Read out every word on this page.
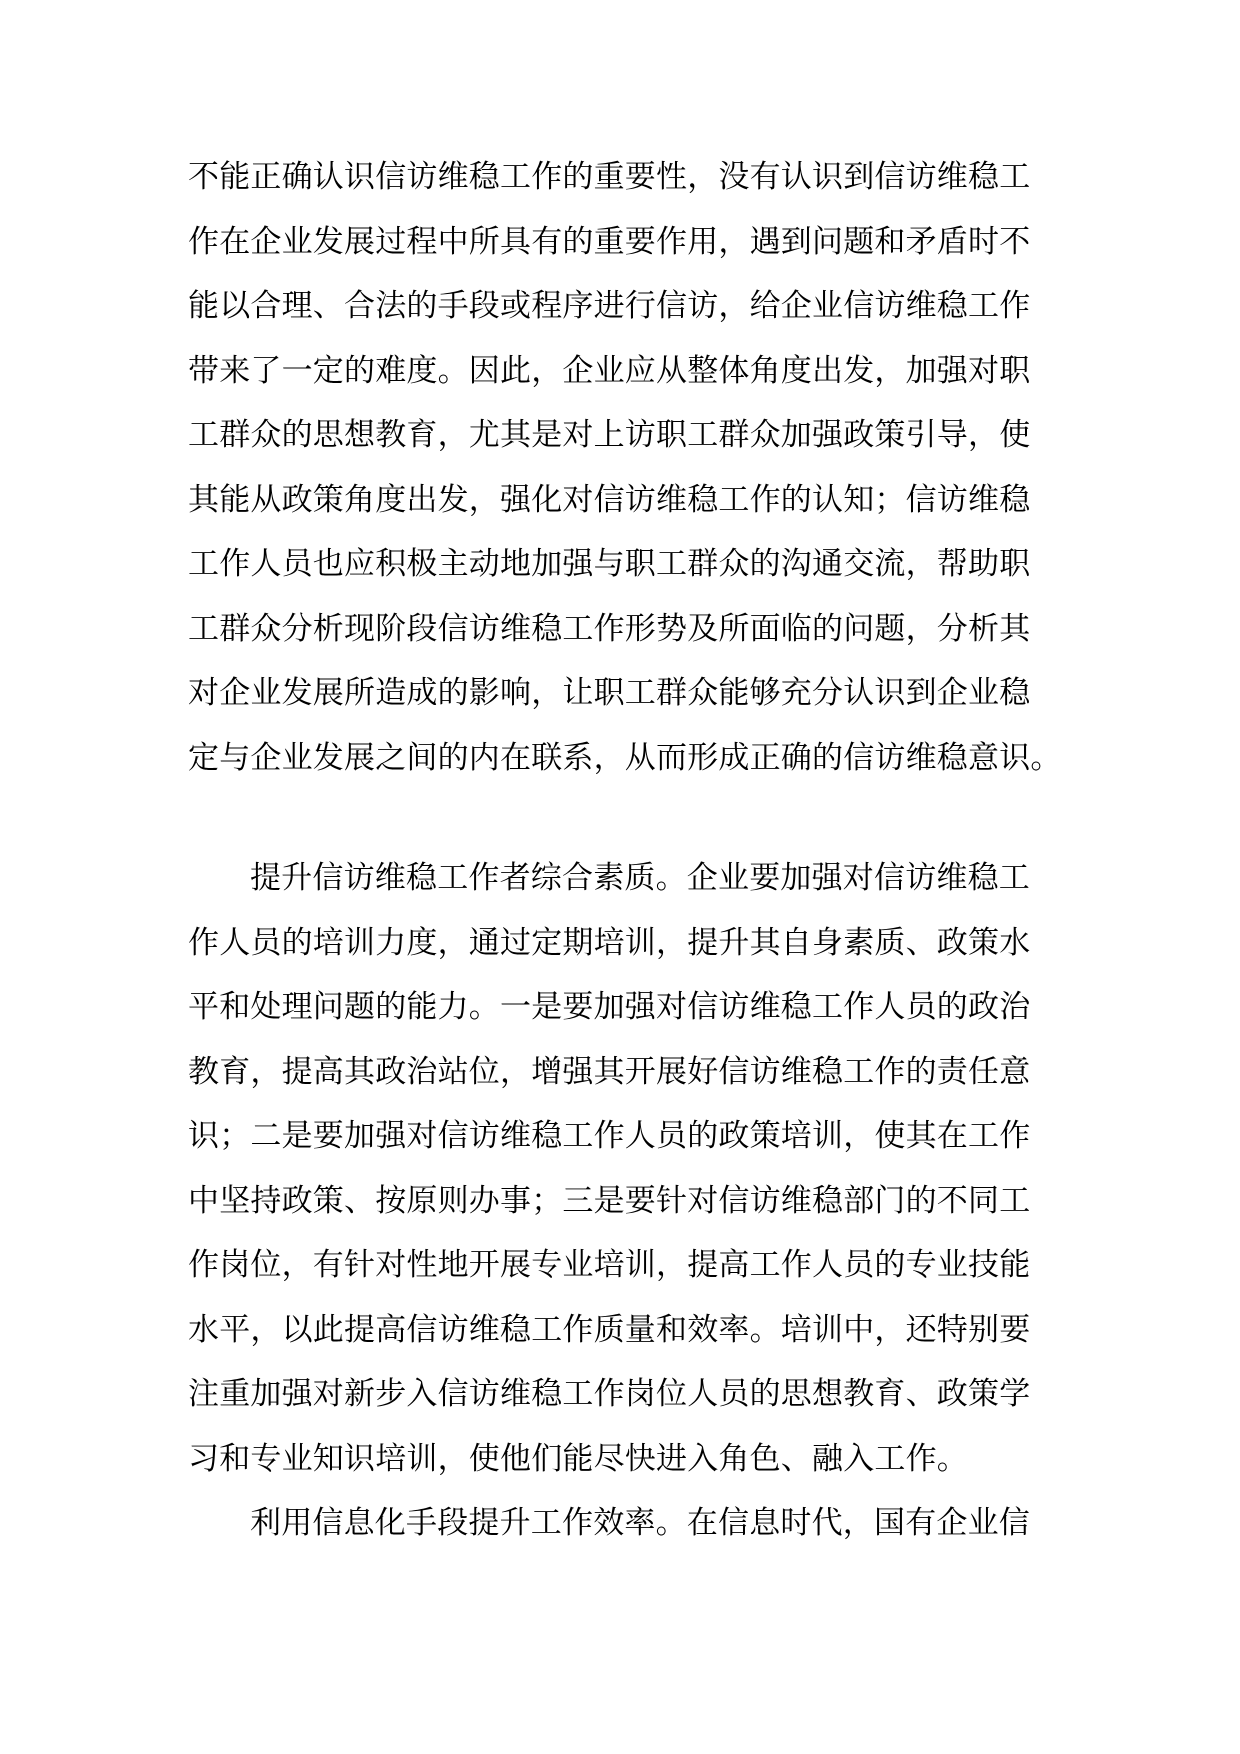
不能正确认识信访维稳工作的重要性，没有认识到信访维稳工
作在企业发展过程中所具有的重要作用，遇到问题和矛盾时不
能以合理、合法的手段或程序进行信访，给企业信访维稳工作
带来了一定的难度。因此，企业应从整体角度出发，加强对职
工群众的思想教育，尤其是对上访职工群众加强政策引导，使
其能从政策角度出发，强化对信访维稳工作的认知；信访维稳
工作人员也应积极主动地加强与职工群众的沟通交流，帮助职
工群众分析现阶段信访维稳工作形势及所面临的问题，分析其
对企业发展所造成的影响，让职工群众能够充分认识到企业稳
定与企业发展之间的内在联系，从而形成正确的信访维稳意识。
提升信访维稳工作者综合素质。企业要加强对信访维稳工
作人员的培训力度，通过定期培训，提升其自身素质、政策水
平和处理问题的能力。一是要加强对信访维稳工作人员的政治
教育，提高其政治站位，增强其开展好信访维稳工作的责任意
识；二是要加强对信访维稳工作人员的政策培训，使其在工作
中坚持政策、按原则办事；三是要针对信访维稳部门的不同工
作岗位，有针对性地开展专业培训，提高工作人员的专业技能
水平，以此提高信访维稳工作质量和效率。培训中，还特别要
注重加强对新步入信访维稳工作岗位人员的思想教育、政策学
习和专业知识培训，使他们能尽快进入角色、融入工作。
利用信息化手段提升工作效率。在信息时代，国有企业信
